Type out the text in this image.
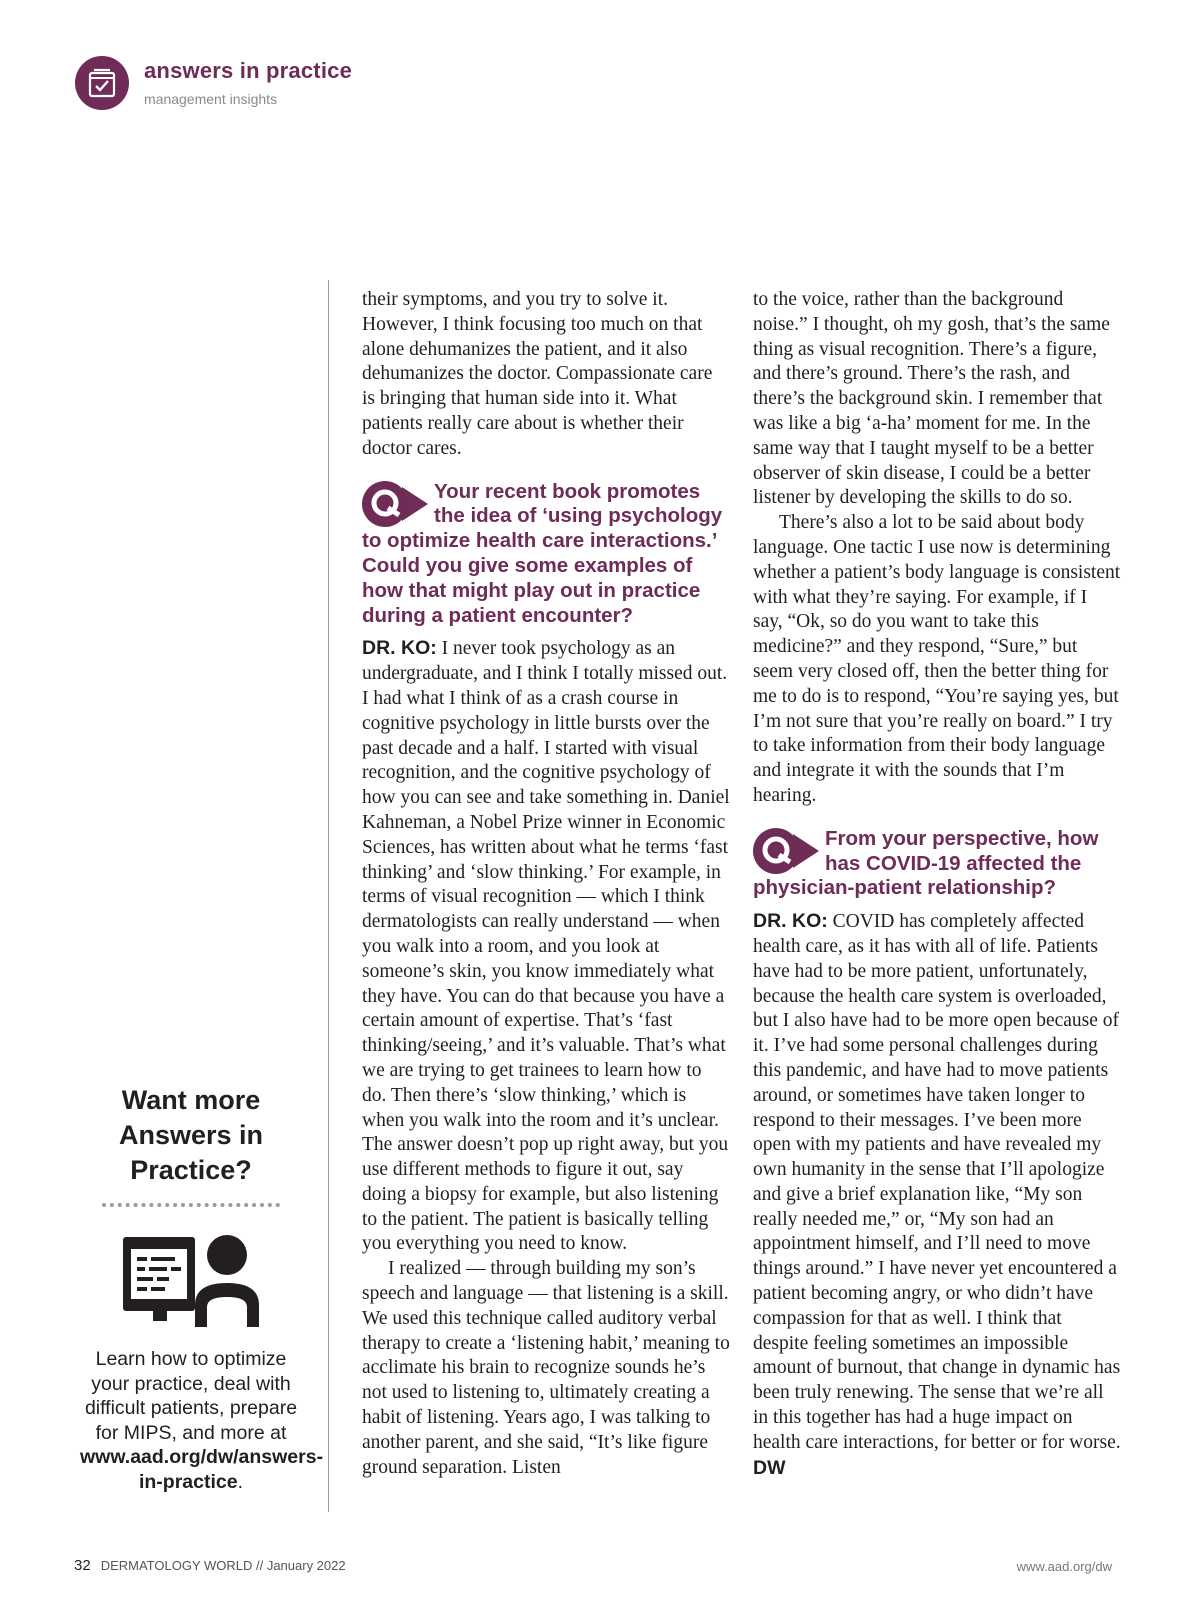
answers in practice
management insights

Want more Answers in Practice?

Learn how to optimize your practice, deal with difficult patients, prepare for MIPS, and more at www.aad.org/dw/answers-in-practice.

their symptoms, and you try to solve it. However, I think focusing too much on that alone dehumanizes the patient, and it also dehumanizes the doctor. Compassionate care is bringing that human side into it. What patients really care about is whether their doctor cares.

Your recent book promotes the idea of ‘using psychology to optimize health care interactions.’ Could you give some examples of how that might play out in practice during a patient encounter?

DR. KO: I never took psychology as an undergraduate, and I think I totally missed out. I had what I think of as a crash course in cognitive psychology in little bursts over the past decade and a half. I started with visual recognition, and the cognitive psychology of how you can see and take something in. Daniel Kahneman, a Nobel Prize winner in Economic Sciences, has written about what he terms ‘fast thinking’ and ‘slow thinking.’ For example, in terms of visual recognition — which I think dermatologists can really understand — when you walk into a room, and you look at someone’s skin, you know immediately what they have. You can do that because you have a certain amount of expertise. That’s ‘fast thinking/seeing,’ and it’s valuable. That’s what we are trying to get trainees to learn how to do. Then there’s ‘slow thinking,’ which is when you walk into the room and it’s unclear. The answer doesn’t pop up right away, but you use different methods to figure it out, say doing a biopsy for example, but also listening to the patient. The patient is basically telling you everything you need to know.

I realized — through building my son’s speech and language — that listening is a skill. We used this technique called auditory verbal therapy to create a ‘listening habit,’ meaning to acclimate his brain to recognize sounds he’s not used to listening to, ultimately creating a habit of listening. Years ago, I was talking to another parent, and she said, “It’s like figure ground separation. Listen

to the voice, rather than the background noise.” I thought, oh my gosh, that’s the same thing as visual recognition. There’s a figure, and there’s ground. There’s the rash, and there’s the background skin. I remember that was like a big ‘a-ha’ moment for me. In the same way that I taught myself to be a better observer of skin disease, I could be a better listener by developing the skills to do so.

There’s also a lot to be said about body language. One tactic I use now is determining whether a patient’s body language is consistent with what they’re saying. For example, if I say, “Ok, so do you want to take this medicine?” and they respond, “Sure,” but seem very closed off, then the better thing for me to do is to respond, “You’re saying yes, but I’m not sure that you’re really on board.” I try to take information from their body language and integrate it with the sounds that I’m hearing.

From your perspective, how has COVID-19 affected the physician-patient relationship?

DR. KO: COVID has completely affected health care, as it has with all of life. Patients have had to be more patient, unfortunately, because the health care system is overloaded, but I also have had to be more open because of it. I’ve had some personal challenges during this pandemic, and have had to move patients around, or sometimes have taken longer to respond to their messages. I’ve been more open with my patients and have revealed my own humanity in the sense that I’ll apologize and give a brief explanation like, “My son really needed me,” or, “My son had an appointment himself, and I’ll need to move things around.” I have never yet encountered a patient becoming angry, or who didn’t have compassion for that as well. I think that despite feeling sometimes an impossible amount of burnout, that change in dynamic has been truly renewing. The sense that we’re all in this together has had a huge impact on health care interactions, for better or for worse. DW

32 DERMATOLOGY WORLD // January 2022	www.aad.org/dw
